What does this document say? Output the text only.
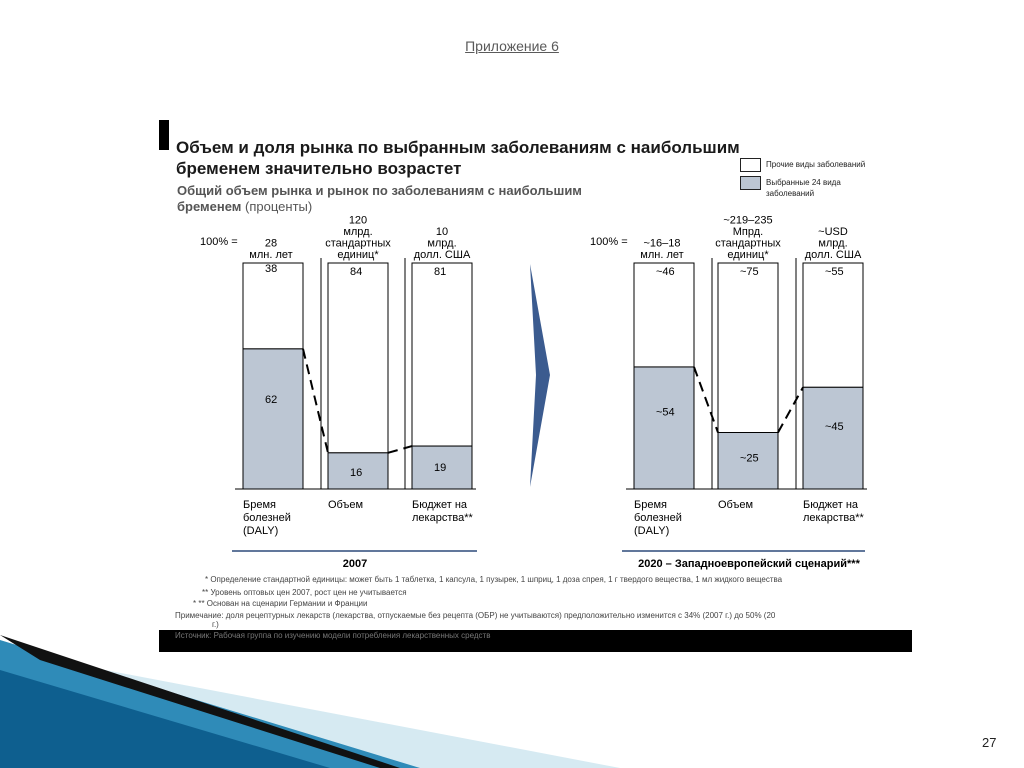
Приложение 6
Объем и доля рынка по выбранным заболеваниям с наибольшим
бременем значительно возрастет
Общий объем рынка и рынок по заболеваниям с наибольшим
бременем (проценты)
Прочие виды заболеваний
Выбранные 24 вида
заболеваний
38
62
Бремя
болезней
(DALY)
28
млн. лет
84
16
Объем
120
млрд.
стандартных
единиц*
81
19
Бюджет на
лекарства**
10
млрд.
долл. США
100% =
2007
~46
~54
Бремя
болезней
(DALY)
~16–18
млн. лет
~75
~25
Объем
~219–235
Мпрд.
стандартных
единиц*
~55
~45
Бюджет на
лекарства**
~USD
млрд.
долл. США
100% =
2020 – Западноевропейский сценарий***
* Определение стандартной единицы: может быть 1 таблетка, 1 капсула, 1 пузырек, 1 шприц, 1 доза спрея, 1 г твердого вещества, 1 мл жидкого вещества
** Уровень оптовых цен 2007, рост цен не учитывается
* ** Основан на сценарии Германии и Франции
Примечание: доля рецептурных лекарств (лекарства, отпускаемые без рецепта (ОБР) не учитываются) предположительно изменится с 34% (2007 г.) до 50% (20
г.)
Источник: Рабочая группа по изучению модели потребления лекарственных средств
27
